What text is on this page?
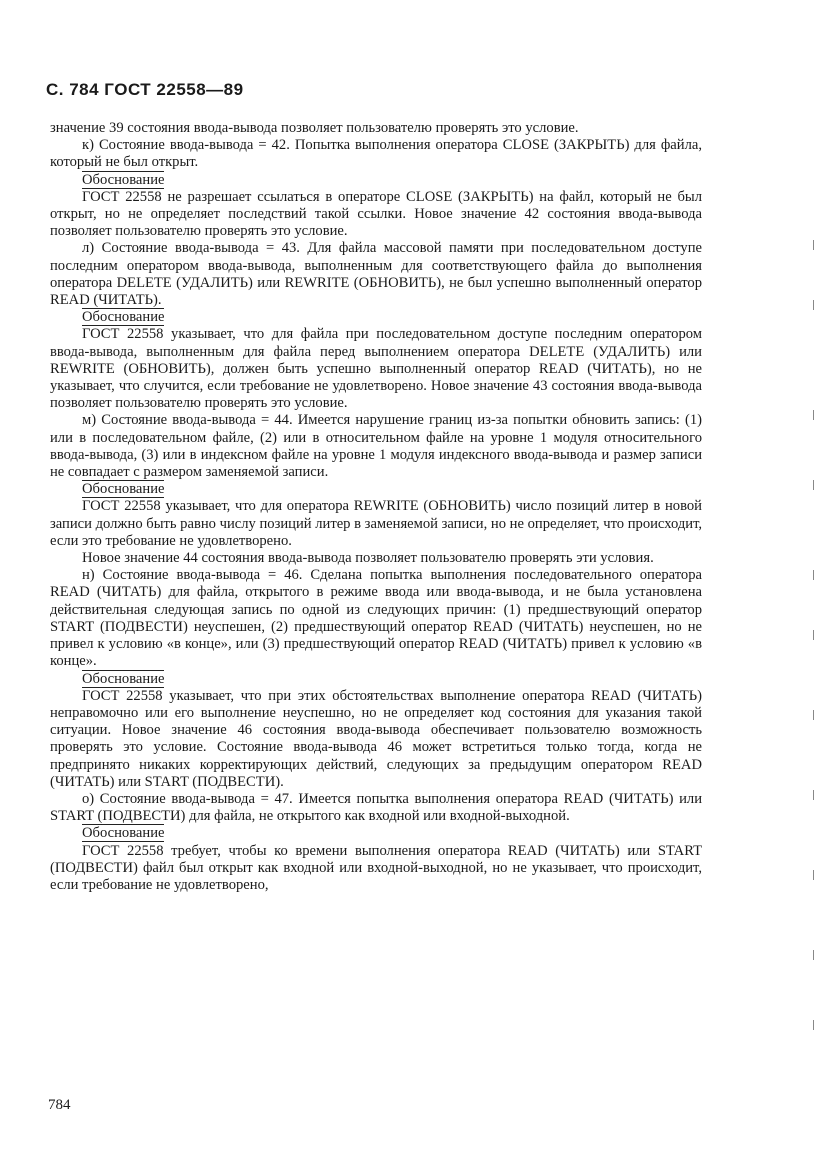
С. 784 ГОСТ 22558—89

значение 39 состояния ввода-вывода позволяет пользователю проверять это условие.

к) Состояние ввода-вывода = 42. Попытка выполнения оператора CLOSE (ЗАКРЫТЬ) для файла, который не был открыт.

Обоснование

ГОСТ 22558 не разрешает ссылаться в операторе CLOSE (ЗАКРЫТЬ) на файл, который не был открыт, но не определяет последствий такой ссылки. Новое значение 42 состояния ввода-вывода позволяет пользователю проверять это условие.

л) Состояние ввода-вывода = 43. Для файла массовой памяти при последовательном доступе последним оператором ввода-вывода, выполненным для соответствующего файла до выполнения оператора DELETE (УДАЛИТЬ) или REWRITE (ОБНОВИТЬ), не был успешно выполненный оператор READ (ЧИТАТЬ).

Обоснование

ГОСТ 22558 указывает, что для файла при последовательном доступе последним оператором ввода-вывода, выполненным для файла перед выполнением оператора DELETE (УДАЛИТЬ) или REWRITE (ОБНОВИТЬ), должен быть успешно выполненный оператор READ (ЧИТАТЬ), но не указывает, что случится, если требование не удовлетворено. Новое значение 43 состояния ввода-вывода позволяет пользователю проверять это условие.

м) Состояние ввода-вывода = 44. Имеется нарушение границ из-за попытки обновить запись: (1) или в последовательном файле, (2) или в относительном файле на уровне 1 модуля относительного ввода-вывода, (3) или в индексном файле на уровне 1 модуля индексного ввода-вывода и размер записи не совпадает с размером заменяемой записи.

Обоснование

ГОСТ 22558 указывает, что для оператора REWRITE (ОБНОВИТЬ) число позиций литер в новой записи должно быть равно числу позиций литер в заменяемой записи, но не определяет, что происходит, если это требование не удовлетворено.

Новое значение 44 состояния ввода-вывода позволяет пользователю проверять эти условия.

н) Состояние ввода-вывода = 46. Сделана попытка выполнения последовательного оператора READ (ЧИТАТЬ) для файла, открытого в режиме ввода или ввода-вывода, и не была установлена действительная следующая запись по одной из следующих причин: (1) предшествующий оператор START (ПОДВЕСТИ) неуспешен, (2) предшествующий оператор READ (ЧИТАТЬ) неуспешен, но не привел к условию «в конце», или (3) предшествующий оператор READ (ЧИТАТЬ) привел к условию «в конце».

Обоснование

ГОСТ 22558 указывает, что при этих обстоятельствах выполнение оператора READ (ЧИТАТЬ) неправомочно или его выполнение неуспешно, но не определяет код состояния для указания такой ситуации. Новое значение 46 состояния ввода-вывода обеспечивает пользователю возможность проверять это условие. Состояние ввода-вывода 46 может встретиться только тогда, когда не предпринято никаких корректирующих действий, следующих за предыдущим оператором READ (ЧИТАТЬ) или START (ПОДВЕСТИ).

о) Состояние ввода-вывода = 47. Имеется попытка выполнения оператора READ (ЧИТАТЬ) или START (ПОДВЕСТИ) для файла, не открытого как входной или входной-выходной.

Обоснование

ГОСТ 22558 требует, чтобы ко времени выполнения оператора READ (ЧИТАТЬ) или START (ПОДВЕСТИ) файл был открыт как входной или входной-выходной, но не указывает, что происходит, если требование не удовлетворено,

784
